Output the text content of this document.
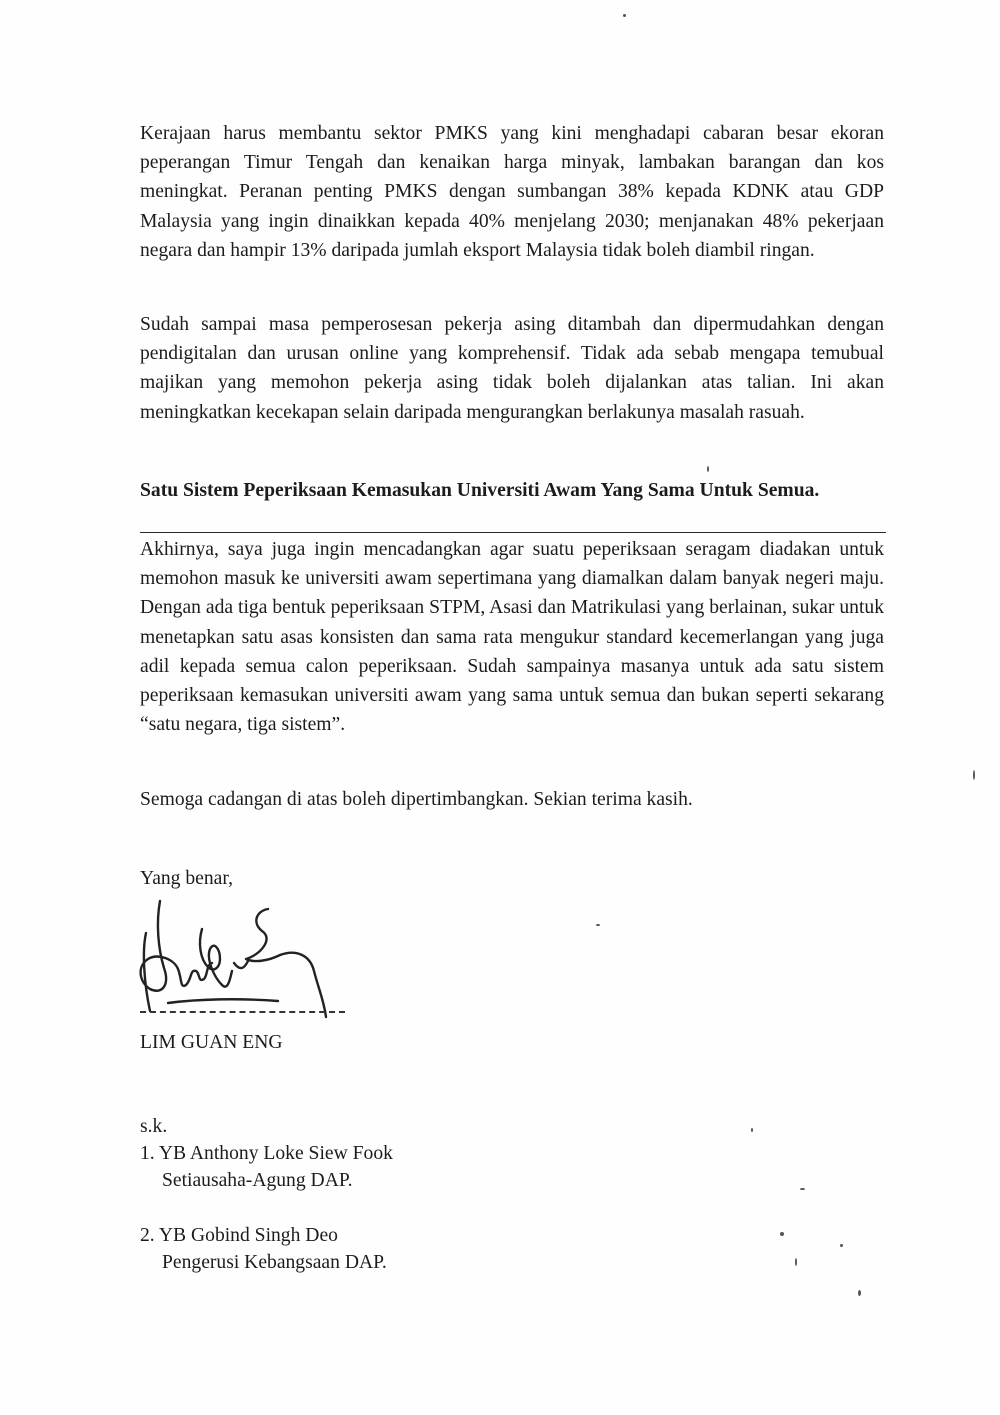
Kerajaan harus membantu sektor PMKS yang kini menghadapi cabaran besar ekoran peperangan Timur Tengah dan kenaikan harga minyak, lambakan barangan dan kos meningkat. Peranan penting PMKS dengan sumbangan 38% kepada KDNK atau GDP Malaysia yang ingin dinaikkan kepada 40% menjelang 2030; menjanakan 48% pekerjaan negara dan hampir 13% daripada jumlah eksport Malaysia tidak boleh diambil ringan.

Sudah sampai masa pemperosesan pekerja asing ditambah dan dipermudahkan dengan pendigitalan dan urusan online yang komprehensif. Tidak ada sebab mengapa temubual majikan yang memohon pekerja asing tidak boleh dijalankan atas talian. Ini akan meningkatkan kecekapan selain daripada mengurangkan berlakunya masalah rasuah.

Satu Sistem Peperiksaan Kemasukan Universiti Awam Yang Sama Untuk Semua.

Akhirnya, saya juga ingin mencadangkan agar suatu peperiksaan seragam diadakan untuk memohon masuk ke universiti awam sepertimana yang diamalkan dalam banyak negeri maju. Dengan ada tiga bentuk peperiksaan STPM, Asasi dan Matrikulasi yang berlainan, sukar untuk menetapkan satu asas konsisten dan sama rata mengukur standard kecemerlangan yang juga adil kepada semua calon peperiksaan. Sudah sampainya masanya untuk ada satu sistem peperiksaan kemasukan universiti awam yang sama untuk semua dan bukan seperti sekarang “satu negara, tiga sistem”.

Semoga cadangan di atas boleh dipertimbangkan. Sekian terima kasih.
Yang benar,
LIM GUAN ENG
s.k.
1. YB Anthony Loke Siew Fook
Setiausaha-Agung DAP.
2. YB Gobind Singh Deo
Pengerusi Kebangsaan DAP.
